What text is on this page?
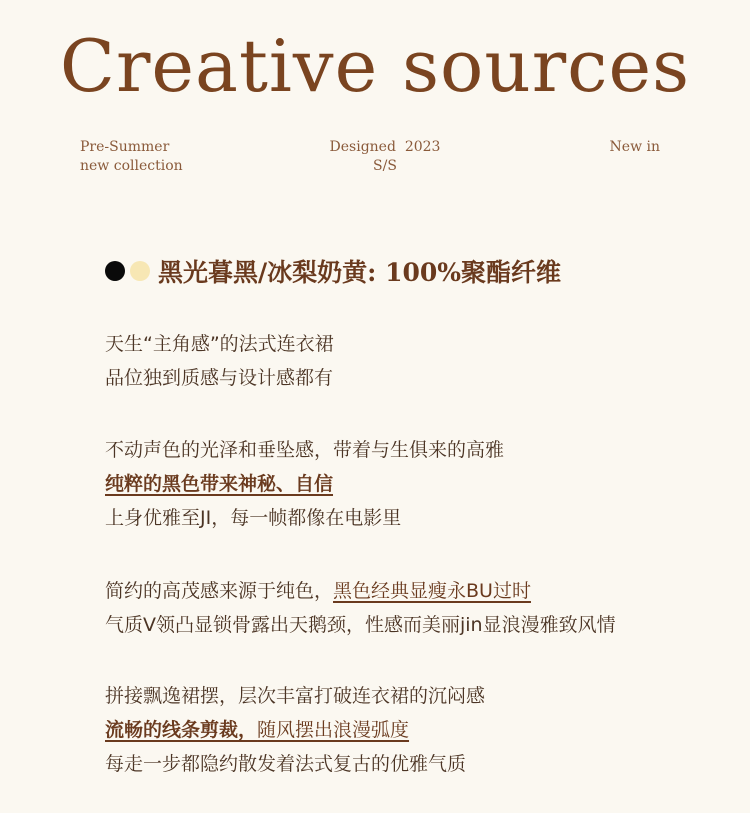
Creative sources
Pre-Summer
new collection
Designed  2023
S/S
New in
黑光暮黑/冰梨奶黄: 100%聚酯纤维
天生“主角感”的法式连衣裙
品位独到质感与设计感都有
不动声色的光泽和垂坠感，带着与生俱来的高雅
纯粹的黑色带来神秘、自信
上身优雅至JI，每一帧都像在电影里
简约的高茂感来源于纯色，黑色经典显瘦永BU过时
气质V领凸显锁骨露出天鹅颈，性感而美丽jin显浪漫雅致风情
拼接飘逸裙摆，层次丰富打破连衣裙的沉闷感
流畅的线条剪裁，随风摆出浪漫弧度
每走一步都隐约散发着法式复古的优雅气质
